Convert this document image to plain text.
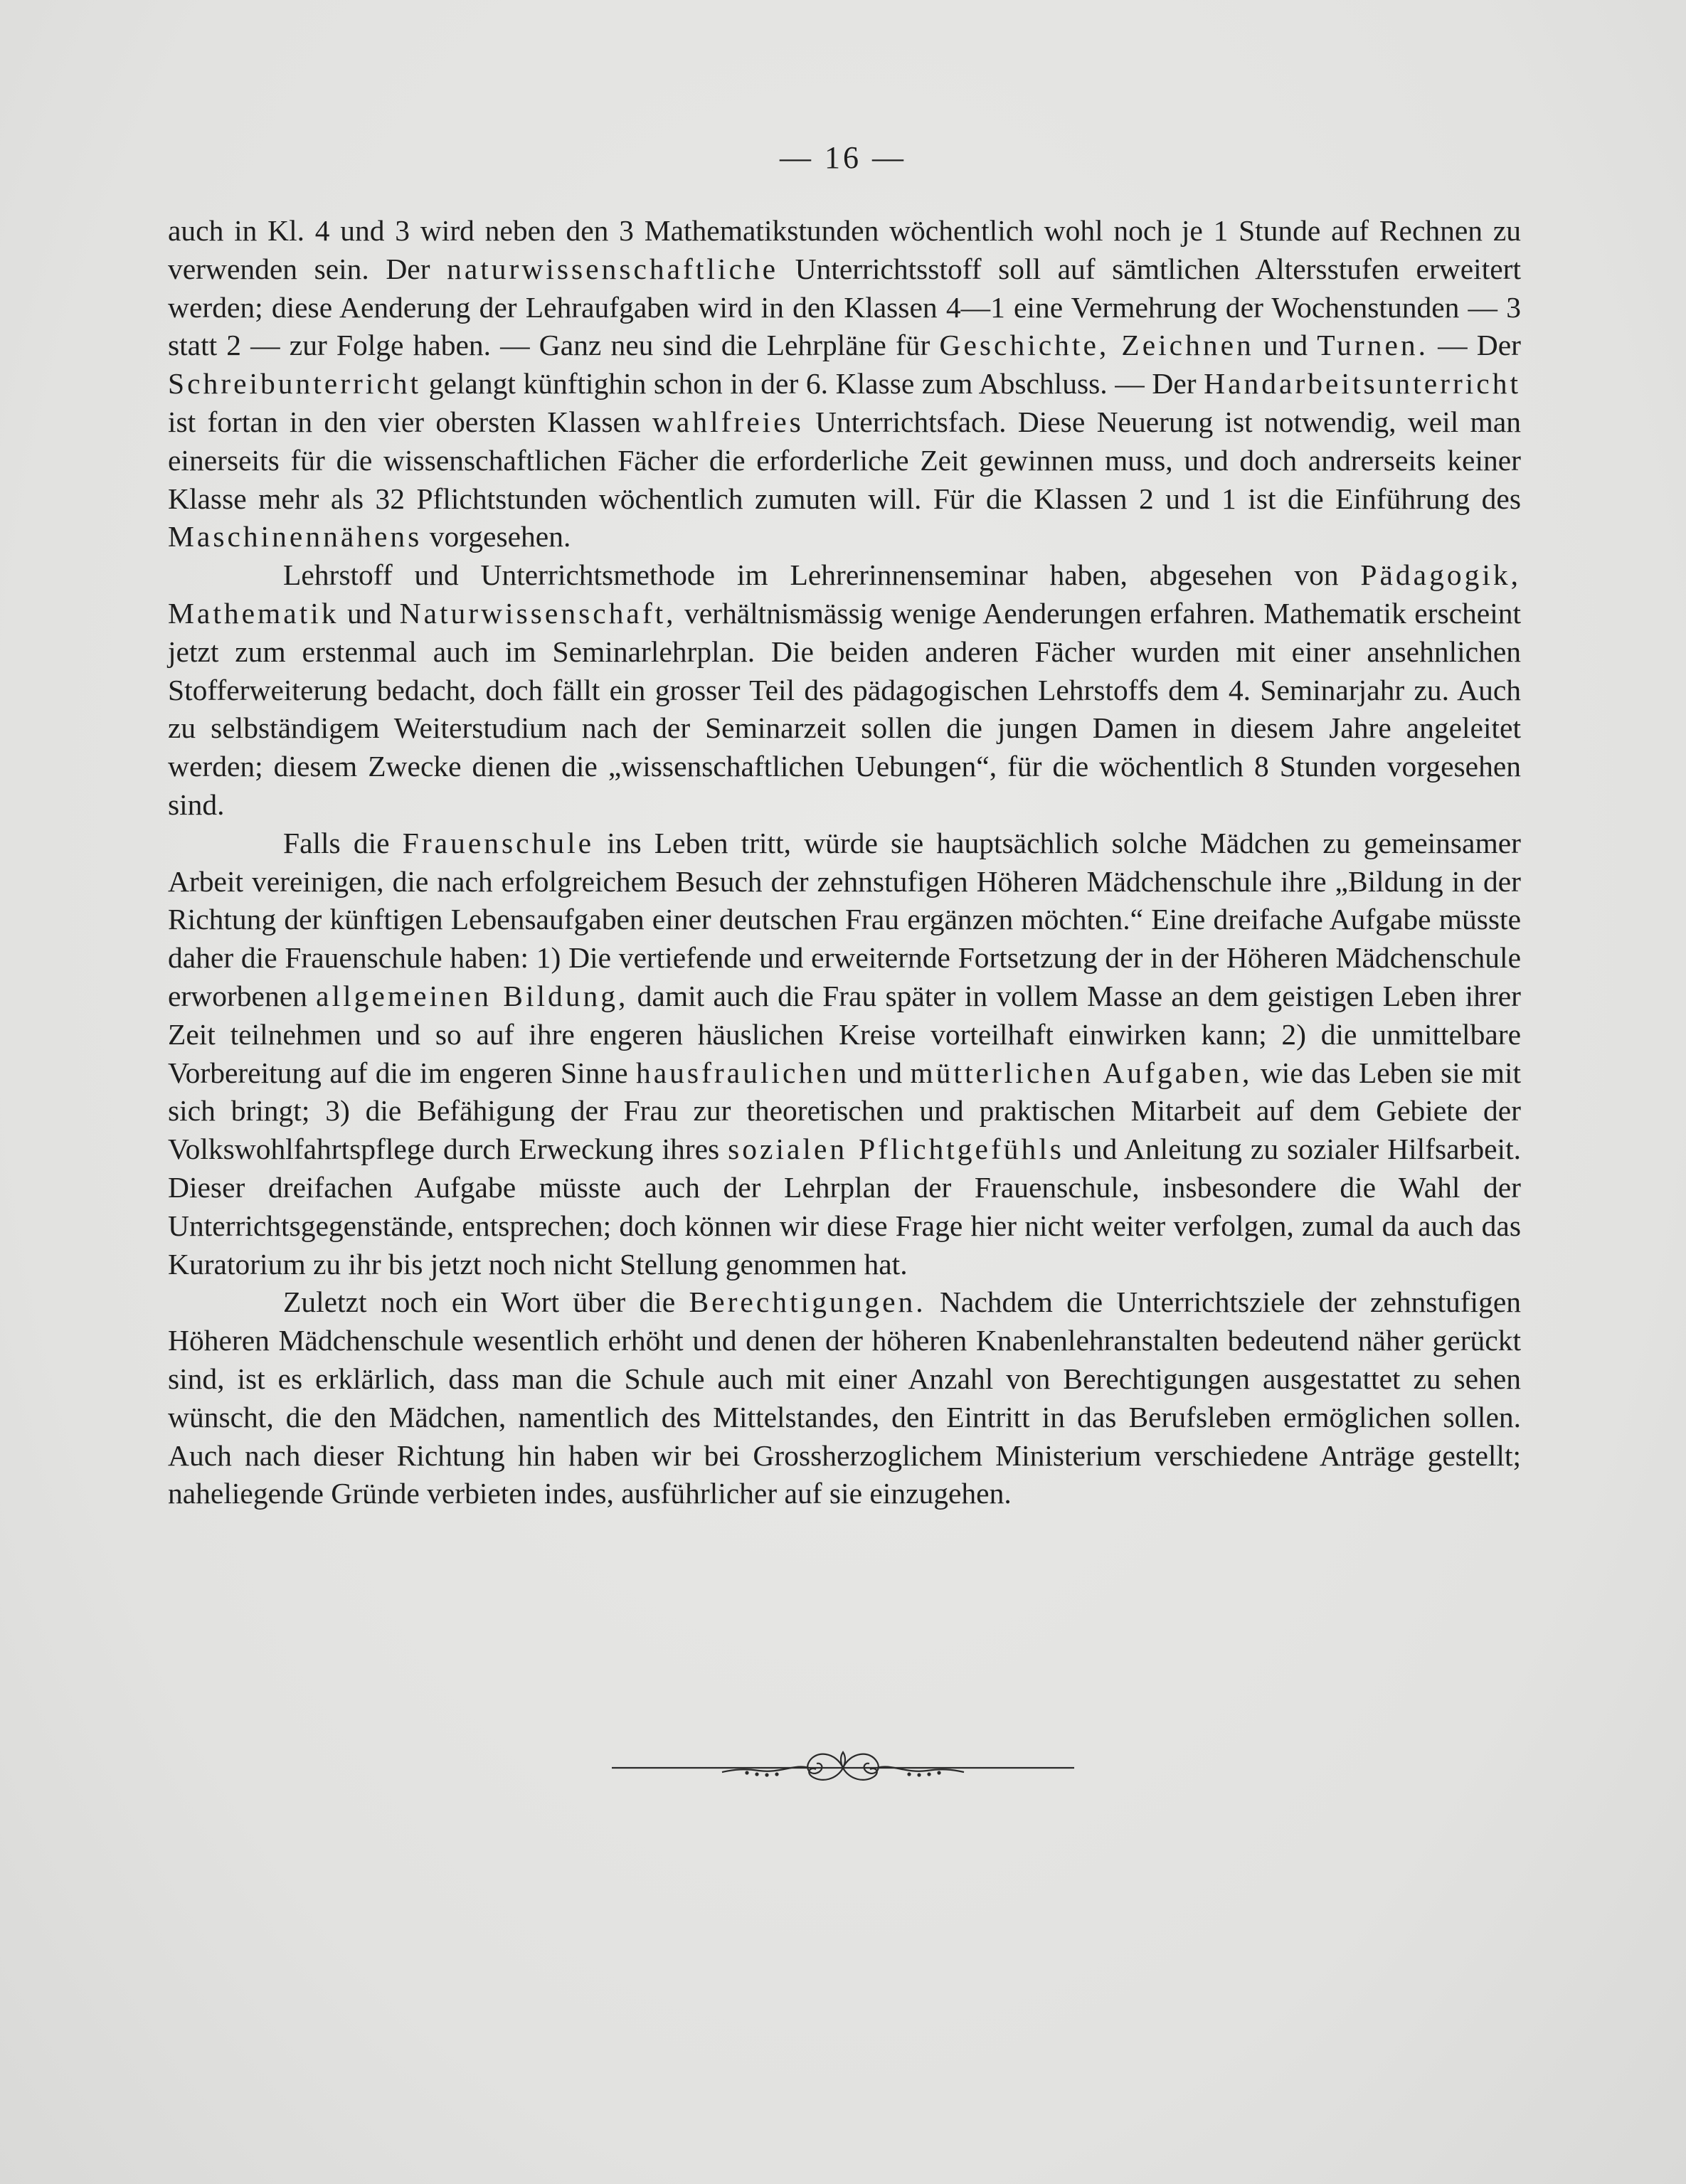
— 16 —

auch in Kl. 4 und 3 wird neben den 3 Mathematikstunden wöchentlich wohl noch je 1 Stunde auf Rechnen zu verwenden sein. Der naturwissenschaftliche Unterrichtsstoff soll auf sämtlichen Altersstufen erweitert werden; diese Aenderung der Lehraufgaben wird in den Klassen 4—1 eine Vermehrung der Wochenstunden — 3 statt 2 — zur Folge haben. — Ganz neu sind die Lehrpläne für Geschichte, Zeichnen und Turnen. — Der Schreibunterricht gelangt künftighin schon in der 6. Klasse zum Abschluss. — Der Handarbeitsunterricht ist fortan in den vier obersten Klassen wahlfreies Unterrichtsfach. Diese Neuerung ist notwendig, weil man einerseits für die wissenschaftlichen Fächer die erforderliche Zeit gewinnen muss, und doch andrerseits keiner Klasse mehr als 32 Pflichtstunden wöchentlich zumuten will. Für die Klassen 2 und 1 ist die Einführung des Maschinennähens vorgesehen.

Lehrstoff und Unterrichtsmethode im Lehrerinnenseminar haben, abgesehen von Pädagogik, Mathematik und Naturwissenschaft, verhältnismässig wenige Aenderungen erfahren. Mathematik erscheint jetzt zum erstenmal auch im Seminarlehrplan. Die beiden anderen Fächer wurden mit einer ansehnlichen Stofferweiterung bedacht, doch fällt ein grosser Teil des pädagogischen Lehrstoffs dem 4. Seminarjahr zu. Auch zu selbständigem Weiterstudium nach der Seminarzeit sollen die jungen Damen in diesem Jahre angeleitet werden; diesem Zwecke dienen die „wissenschaftlichen Uebungen“, für die wöchentlich 8 Stunden vorgesehen sind.

Falls die Frauenschule ins Leben tritt, würde sie hauptsächlich solche Mädchen zu gemeinsamer Arbeit vereinigen, die nach erfolgreichem Besuch der zehnstufigen Höheren Mädchenschule ihre „Bildung in der Richtung der künftigen Lebensaufgaben einer deutschen Frau ergänzen möchten.“ Eine dreifache Aufgabe müsste daher die Frauenschule haben: 1) Die vertiefende und erweiternde Fortsetzung der in der Höheren Mädchenschule erworbenen allgemeinen Bildung, damit auch die Frau später in vollem Masse an dem geistigen Leben ihrer Zeit teilnehmen und so auf ihre engeren häuslichen Kreise vorteilhaft einwirken kann; 2) die unmittelbare Vorbereitung auf die im engeren Sinne hausfraulichen und mütterlichen Aufgaben, wie das Leben sie mit sich bringt; 3) die Befähigung der Frau zur theoretischen und praktischen Mitarbeit auf dem Gebiete der Volkswohlfahrtspflege durch Erweckung ihres sozialen Pflichtgefühls und Anleitung zu sozialer Hilfsarbeit. Dieser dreifachen Aufgabe müsste auch der Lehrplan der Frauenschule, insbesondere die Wahl der Unterrichtsgegenstände, entsprechen; doch können wir diese Frage hier nicht weiter verfolgen, zumal da auch das Kuratorium zu ihr bis jetzt noch nicht Stellung genommen hat.

Zuletzt noch ein Wort über die Berechtigungen. Nachdem die Unterrichtsziele der zehnstufigen Höheren Mädchenschule wesentlich erhöht und denen der höheren Knabenlehranstalten bedeutend näher gerückt sind, ist es erklärlich, dass man die Schule auch mit einer Anzahl von Berechtigungen ausgestattet zu sehen wünscht, die den Mädchen, namentlich des Mittelstandes, den Eintritt in das Berufsleben ermöglichen sollen. Auch nach dieser Richtung hin haben wir bei Grossherzoglichem Ministerium verschiedene Anträge gestellt; naheliegende Gründe verbieten indes, ausführlicher auf sie einzugehen.
